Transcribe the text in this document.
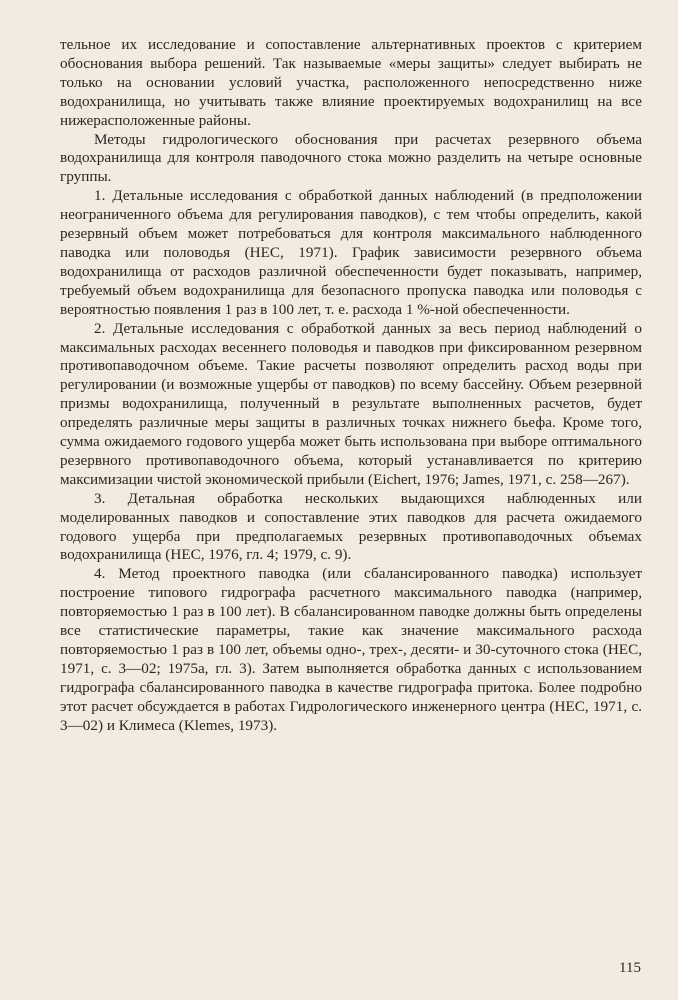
тельное их исследование и сопоставление альтернативных проектов с критерием обоснования выбора решений. Так называемые «меры защиты» следует выбирать не только на основании условий участка, расположенного непосредственно ниже водохранилища, но учитывать также влияние проектируемых водохранилищ на все нижерасположенные районы.

Методы гидрологического обоснования при расчетах резервного объема водохранилища для контроля паводочного стока можно разделить на четыре основные группы.

1. Детальные исследования с обработкой данных наблюдений (в предположении неограниченного объема для регулирования паводков), с тем чтобы определить, какой резервный объем может потребоваться для контроля максимального наблюденного паводка или половодья (HEC, 1971). График зависимости резервного объема водохранилища от расходов различной обеспеченности будет показывать, например, требуемый объем водохранилища для безопасного пропуска паводка или половодья с вероятностью появления 1 раз в 100 лет, т. е. расхода 1 %-ной обеспеченности.

2. Детальные исследования с обработкой данных за весь период наблюдений о максимальных расходах весеннего половодья и паводков при фиксированном резервном противопаводочном объеме. Такие расчеты позволяют определить расход воды при регулировании (и возможные ущербы от паводков) по всему бассейну. Объем резервной призмы водохранилища, полученный в результате выполненных расчетов, будет определять различные меры защиты в различных точках нижнего бьефа. Кроме того, сумма ожидаемого годового ущерба может быть использована при выборе оптимального резервного противопаводочного объема, который устанавливается по критерию максимизации чистой экономической прибыли (Eichert, 1976; James, 1971, с. 258—267).

3. Детальная обработка нескольких выдающихся наблюденных или моделированных паводков и сопоставление этих паводков для расчета ожидаемого годового ущерба при предполагаемых резервных противопаводочных объемах водохранилища (HEC, 1976, гл. 4; 1979, с. 9).

4. Метод проектного паводка (или сбалансированного паводка) использует построение типового гидрографа расчетного максимального паводка (например, повторяемостью 1 раз в 100 лет). В сбалансированном паводке должны быть определены все статистические параметры, такие как значение максимального расхода повторяемостью 1 раз в 100 лет, объемы одно-, трех-, десяти- и 30-суточного стока (HEC, 1971, с. 3—02; 1975a, гл. 3). Затем выполняется обработка данных с использованием гидрографа сбалансированного паводка в качестве гидрографа притока. Более подробно этот расчет обсуждается в работах Гидрологического инженерного центра (HEC, 1971, с. 3—02) и Климеса (Klemes, 1973).

115
